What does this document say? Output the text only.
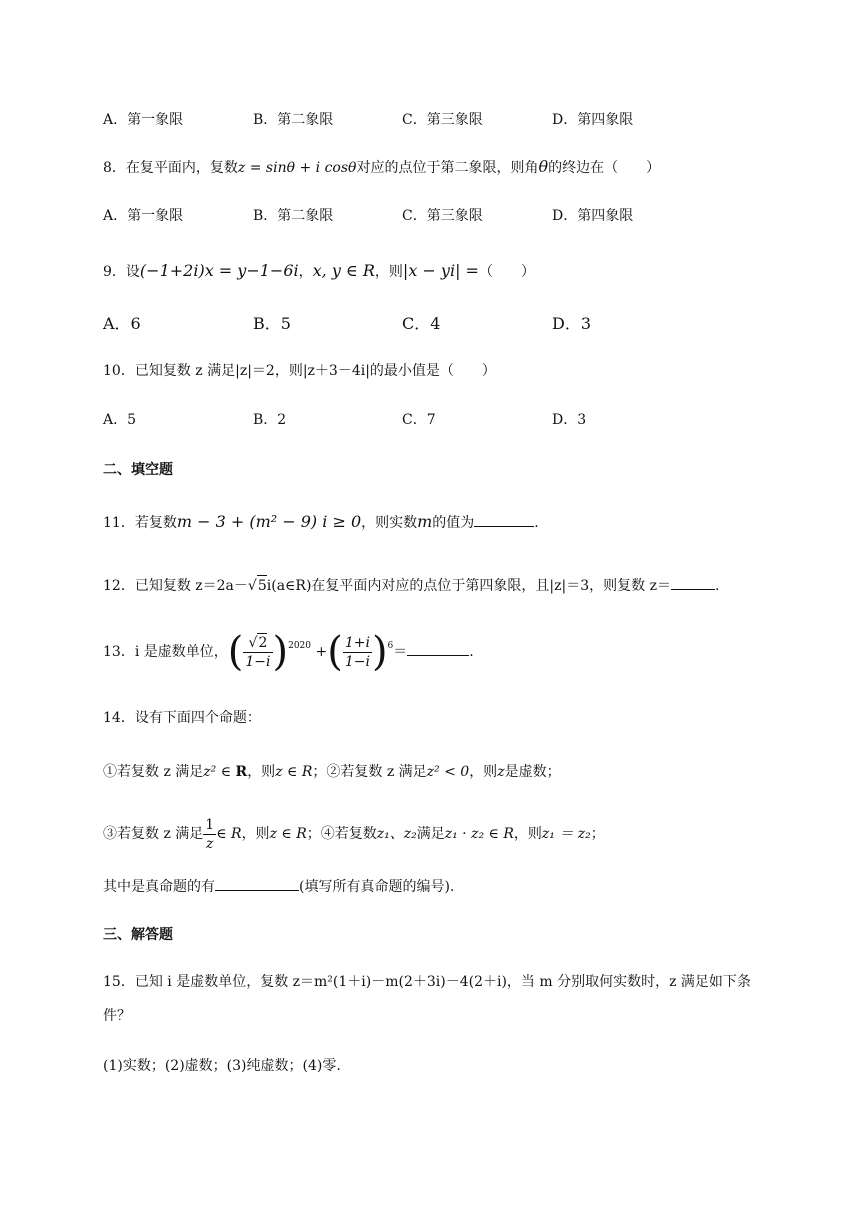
A．第一象限	B．第二象限	C．第三象限	D．第四象限
8．在复平面内，复数z = sinθ + i cosθ对应的点位于第二象限，则角θ的终边在（　　）
A．第一象限	B．第二象限	C．第三象限	D．第四象限
9．设(−1+2i)x = y−1−6i，x, y ∈ R，则|x − yi| =（　　）
A．6	B．5	C．4	D．3
10．已知复数 z 满足|z|＝2，则|z＋3－4i|的最小值是（　　）
A．5	B．2	C．7	D．3
二、填空题
11．若复数m − 3 + (m² − 9) i ≥ 0，则实数m的值为	.
12．已知复数 z＝2a－√5i(a∈R)在复平面内对应的点位于第四象限，且|z|＝3，则复数 z＝	.
13．i 是虚数单位，( $\frac{√2}{1-i} )^{2020}$ +( $\frac{1+i}{1-i} )^6=$	.
14．设有下面四个命题：
①若复数 z 满足z² ∈ R，则z ∈ R；②若复数 z 满足z² < 0，则z是虚数；
③若复数 z 满足 $\frac{1}{z}$ ∈ R，则z ∈ R；④若复数z₁、z₂满足z₁ · z₂ ∈ R，则z₁ ＝ z₂；
其中是真命题的有	(填写所有真命题的编号).
三、解答题
15．已知 i 是虚数单位，复数 z＝m²(1＋i)－m(2＋3i)－4(2＋i)，当 m 分别取何实数时，z 满足如下条
件？
(1)实数；(2)虚数；(3)纯虚数；(4)零.
